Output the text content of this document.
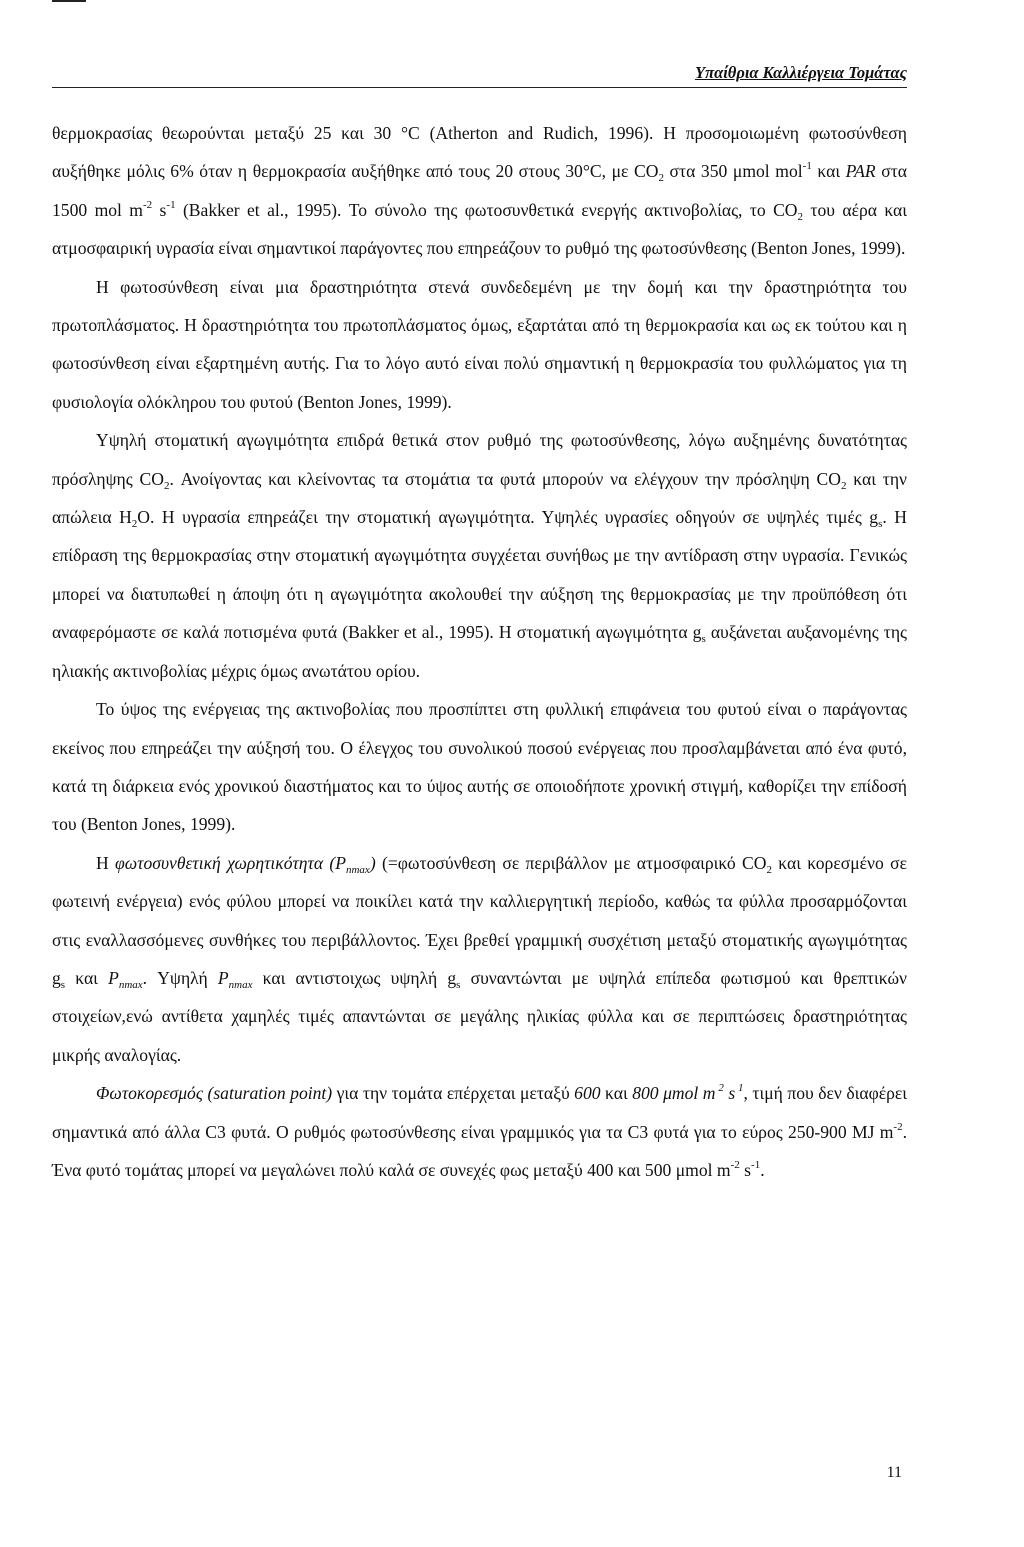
Υπαίθρια Καλλιέργεια Τομάτας

θερμοκρασίας θεωρούνται μεταξύ 25 και 30 °C (Atherton and Rudich, 1996). Η προσομοιωμένη φωτοσύνθεση αυξήθηκε μόλις 6% όταν η θερμοκρασία αυξήθηκε από τους 20 στους 30°C, με $CO_2$ στα 350 μmol mol$^{-1}$ και PAR στα 1500 mol $m^{-2}$ $s^{-1}$ (Bakker et al., 1995). Το σύνολο της φωτοσυνθετικά ενεργής ακτινοβολίας, το $CO_2$ του αέρα και ατμοσφαιρική υγρασία είναι σημαντικοί παράγοντες που επηρεάζουν το ρυθμό της φωτοσύνθεσης (Benton Jones, 1999).

Η φωτοσύνθεση είναι μια δραστηριότητα στενά συνδεδεμένη με την δομή και την δραστηριότητα του πρωτοπλάσματος. Η δραστηριότητα του πρωτοπλάσματος όμως, εξαρτάται από τη θερμοκρασία και ως εκ τούτου και η φωτοσύνθεση είναι εξαρτημένη αυτής. Για το λόγο αυτό είναι πολύ σημαντική η θερμοκρασία του φυλλώματος για τη φυσιολογία ολόκληρου του φυτού (Benton Jones, 1999).

Υψηλή στοματική αγωγιμότητα επιδρά θετικά στον ρυθμό της φωτοσύνθεσης, λόγω αυξημένης δυνατότητας πρόσληψης $CO_2$. Ανοίγοντας και κλείνοντας τα στομάτια τα φυτά μπορούν να ελέγχουν την πρόσληψη $CO_2$ και την απώλεια $H_2O$. Η υγρασία επηρεάζει την στοματική αγωγιμότητα. Υψηλές υγρασίες οδηγούν σε υψηλές τιμές $g_s$. Η επίδραση της θερμοκρασίας στην στοματική αγωγιμότητα συγχέεται συνήθως με την αντίδραση στην υγρασία. Γενικώς μπορεί να διατυπωθεί η άποψη ότι η αγωγιμότητα ακολουθεί την αύξηση της θερμοκρασίας με την προϋπόθεση ότι αναφερόμαστε σε καλά ποτισμένα φυτά (Bakker et al., 1995). Η στοματική αγωγιμότητα $g_s$ αυξάνεται αυξανομένης της ηλιακής ακτινοβολίας μέχρις όμως ανωτάτου ορίου.

Το ύψος της ενέργειας της ακτινοβολίας που προσπίπτει στη φυλλική επιφάνεια του φυτού είναι ο παράγοντας εκείνος που επηρεάζει την αύξησή του. Ο έλεγχος του συνολικού ποσού ενέργειας που προσλαμβάνεται από ένα φυτό, κατά τη διάρκεια ενός χρονικού διαστήματος και το ύψος αυτής σε οποιοδήποτε χρονική στιγμή, καθορίζει την επίδοσή του (Benton Jones, 1999).

Η φωτοσυνθετική χωρητικότητα $(P_{nmax})$ (=φωτοσύνθεση σε περιβάλλον με ατμοσφαιρικό $CO_2$ και κορεσμένο σε φωτεινή ενέργεια) ενός φύλου μπορεί να ποικίλει κατά την καλλιεργητική περίοδο, καθώς τα φύλλα προσαρμόζονται στις εναλλασσόμενες συνθήκες του περιβάλλοντος. Έχει βρεθεί γραμμική συσχέτιση μεταξύ στοματικής αγωγιμότητας $g_s$ και $P_{nmax}$. Υψηλή $P_{nmax}$ και αντιστοιχως υψηλή $g_s$ συναντώνται με υψηλά επίπεδα φωτισμού και θρεπτικών στοιχείων,ενώ αντίθετα χαμηλές τιμές απαντώνται σε μεγάλης ηλικίας φύλλα και σε περιπτώσεις δραστηριότητας μικρής αναλογίας.

Φωτοκορεσμός (saturation point) για την τομάτα επέρχεται μεταξύ 600 και 800 μmol m $^2$ s $^1$, τιμή που δεν διαφέρει σημαντικά από άλλα C3 φυτά. Ο ρυθμός φωτοσύνθεσης είναι γραμμικός για τα C3 φυτά για το εύρος 250-900 MJ $m^{-2}$. Ένα φυτό τομάτας μπορεί να μεγαλώνει πολύ καλά σε συνεχές φως μεταξύ 400 και 500 μmol $m^{-2}$ $s^{-1}$.

11
